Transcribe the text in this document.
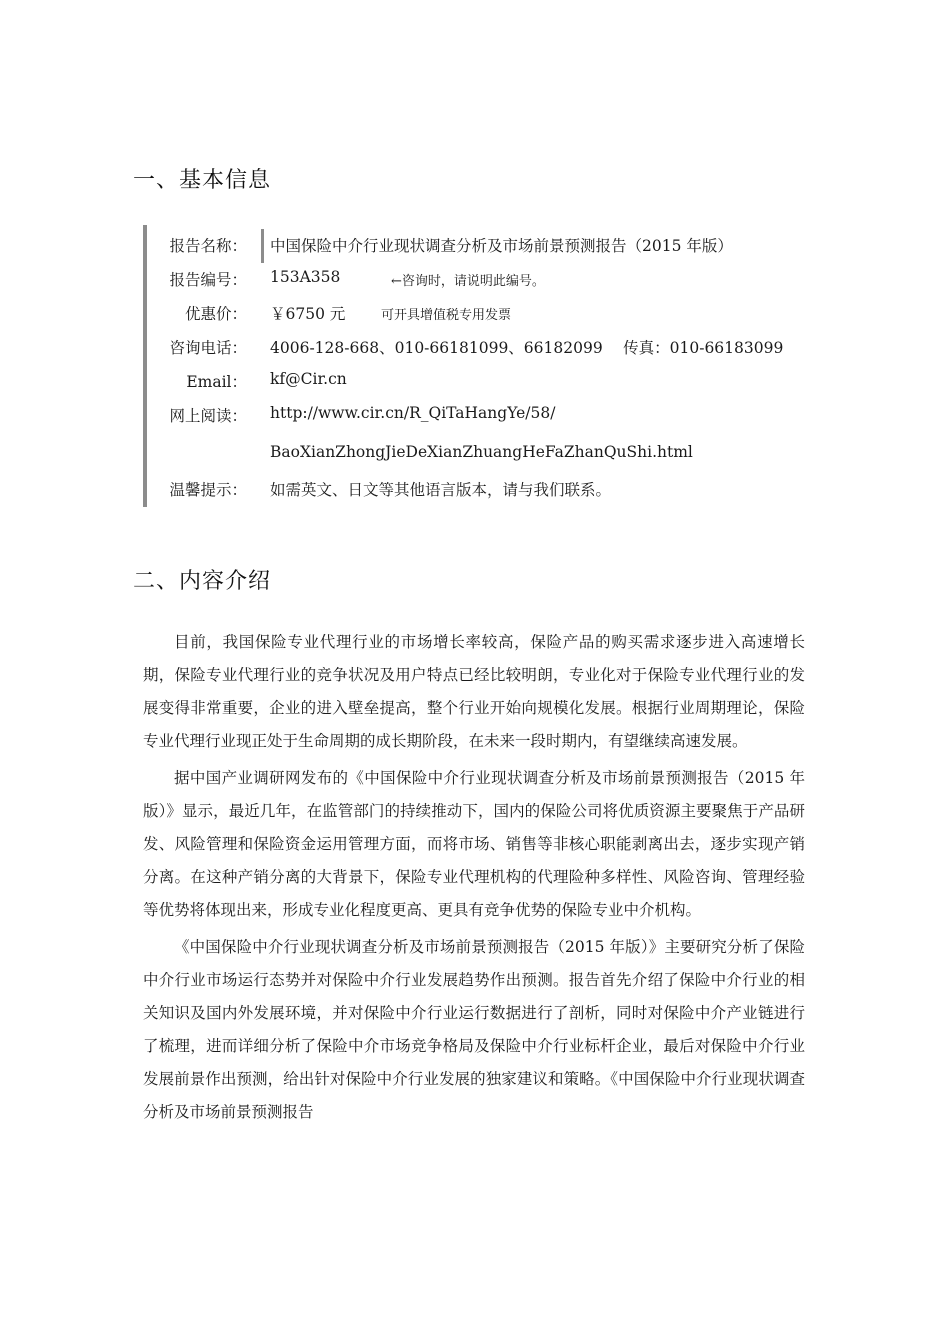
一、基本信息
报告名称： 中国保险中介行业现状调查分析及市场前景预测报告（2015 年版）
报告编号： 153A358	←咨询时，请说明此编号。
优惠价： ￥6750 元	可开具增值税专用发票
咨询电话： 4006-128-668、010-66181099、66182099　 传真：010-66183099
Email： kf@Cir.cn
网上阅读： http://www.cir.cn/R_QiTaHangYe/58/
BaoXianZhongJieDeXianZhuangHeFaZhanQuShi.html
温馨提示： 如需英文、日文等其他语言版本，请与我们联系。
二、内容介绍

目前，我国保险专业代理行业的市场增长率较高，保险产品的购买需求逐步进入高速增长期，保险专业代理行业的竞争状况及用户特点已经比较明朗，专业化对于保险专业代理行业的发展变得非常重要，企业的进入壁垒提高，整个行业开始向规模化发展。根据行业周期理论，保险专业代理行业现正处于生命周期的成长期阶段，在未来一段时期内，有望继续高速发展。

据中国产业调研网发布的《中国保险中介行业现状调查分析及市场前景预测报告（2015 年版）》显示，最近几年，在监管部门的持续推动下，国内的保险公司将优质资源主要聚焦于产品研发、风险管理和保险资金运用管理方面，而将市场、销售等非核心职能剥离出去，逐步实现产销分离。在这种产销分离的大背景下，保险专业代理机构的代理险种多样性、风险咨询、管理经验等优势将体现出来，形成专业化程度更高、更具有竞争优势的保险专业中介机构。

《中国保险中介行业现状调查分析及市场前景预测报告（2015 年版）》主要研究分析了保险中介行业市场运行态势并对保险中介行业发展趋势作出预测。报告首先介绍了保险中介行业的相关知识及国内外发展环境，并对保险中介行业运行数据进行了剖析，同时对保险中介产业链进行了梳理，进而详细分析了保险中介市场竞争格局及保险中介行业标杆企业，最后对保险中介行业发展前景作出预测，给出针对保险中介行业发展的独家建议和策略。《中国保险中介行业现状调查分析及市场前景预测报告
